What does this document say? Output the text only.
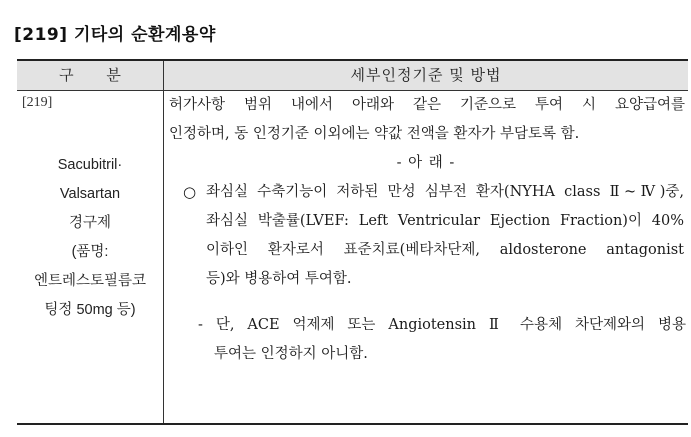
[219] 기타의 순환계용약
구 분	세부인정기준 및 방법
[219]
Sacubitril·
Valsartan
경구제
(품명:
엔트레스토필름코
팅정 50mg 등)
허가사항 범위 내에서 아래와 같은 기준으로 투여 시 요양급여를
인정하며, 동 인정기준 이외에는 약값 전액을 환자가 부담토록 함.
- 아 래 -
○ 좌심실 수축기능이 저하된 만성 심부전 환자(NYHA class Ⅱ~Ⅳ)중,
좌심실 박출률(LVEF: Left Ventricular Ejection Fraction)이 40%
이하인 환자로서 표준치료(베타차단제, aldosterone antagonist
등)와 병용하여 투여함.
- 단, ACE 억제제 또는 Angiotensin Ⅱ 수용체 차단제와의 병용
투여는 인정하지 아니함.
